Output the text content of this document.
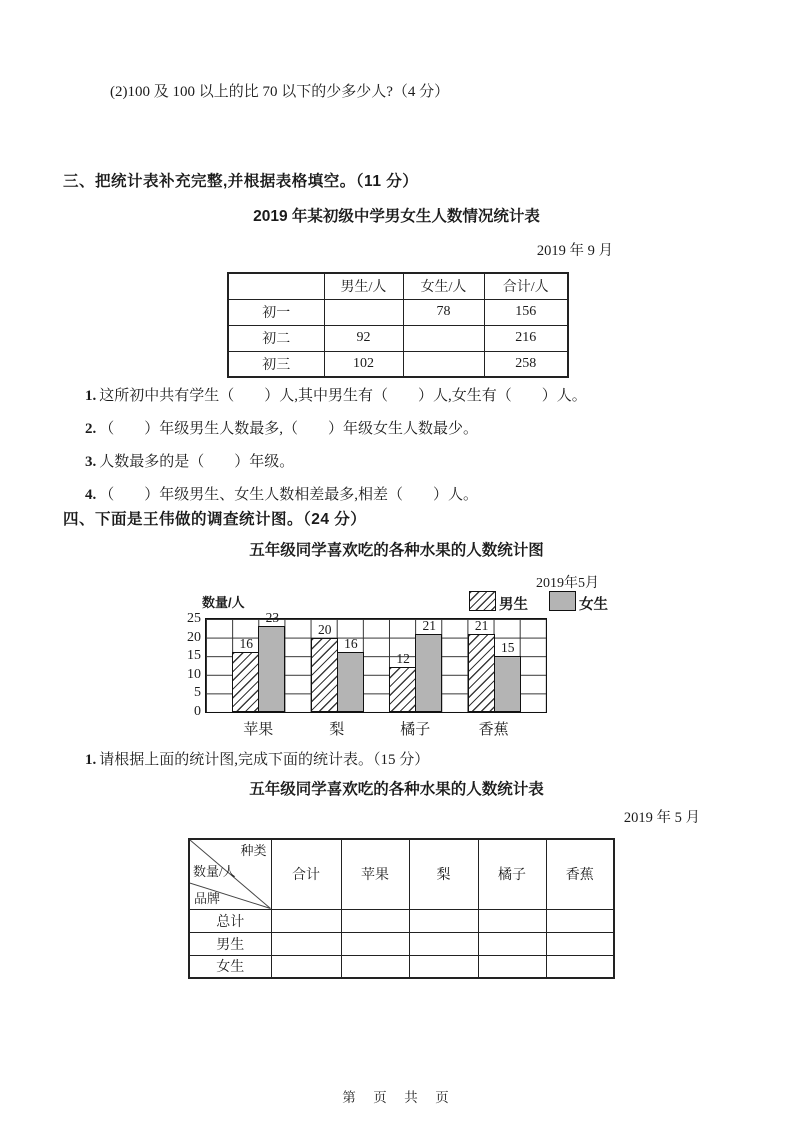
(2)100 及 100 以上的比 70 以下的少多少人?（4 分）
三、把统计表补充完整,并根据表格填空。（11 分）
2019 年某初级中学男女生人数情况统计表
2019 年 9 月
	男生/人	女生/人	合计/人
初一		78	156
初二	92		216
初三	102		258
1. 这所初中共有学生（　　）人,其中男生有（　　）人,女生有（　　）人。
2. （　　）年级男生人数最多,（　　）年级女生人数最少。
3. 人数最多的是（　　）年级。
4. （　　）年级男生、女生人数相差最多,相差（　　）人。
四、下面是王伟做的调查统计图。（24 分）
五年级同学喜欢吃的各种水果的人数统计图
2019年5月
男生	女生
数量/人
25
20
15
10
5
0
16
23
苹果
20
16
梨
12
21
橘子
21
15
香蕉
1. 请根据上面的统计图,完成下面的统计表。（15 分）
五年级同学喜欢吃的各种水果的人数统计表
2019 年 5 月
种类
数量/人
品牌	合计	苹果	梨	橘子	香蕉
总计					
男生					
女生					
第　页　共　页
